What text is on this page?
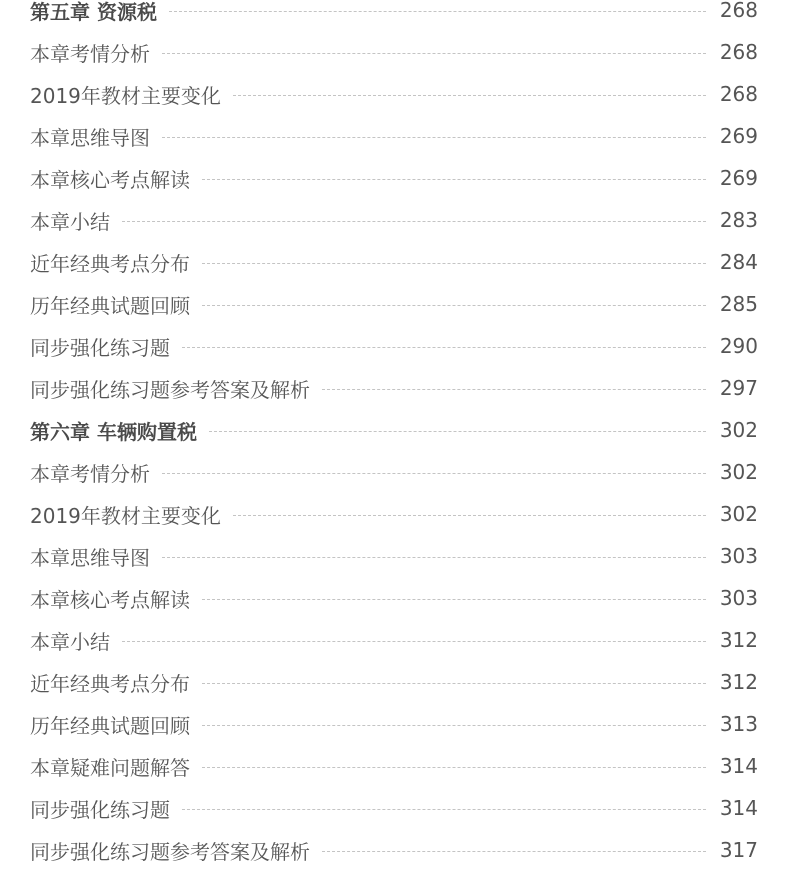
第五章 资源税	268
本章考情分析	268
2019年教材主要变化	268
本章思维导图	269
本章核心考点解读	269
本章小结	283
近年经典考点分布	284
历年经典试题回顾	285
同步强化练习题	290
同步强化练习题参考答案及解析	297
第六章 车辆购置税	302
本章考情分析	302
2019年教材主要变化	302
本章思维导图	303
本章核心考点解读	303
本章小结	312
近年经典考点分布	312
历年经典试题回顾	313
本章疑难问题解答	314
同步强化练习题	314
同步强化练习题参考答案及解析	317
